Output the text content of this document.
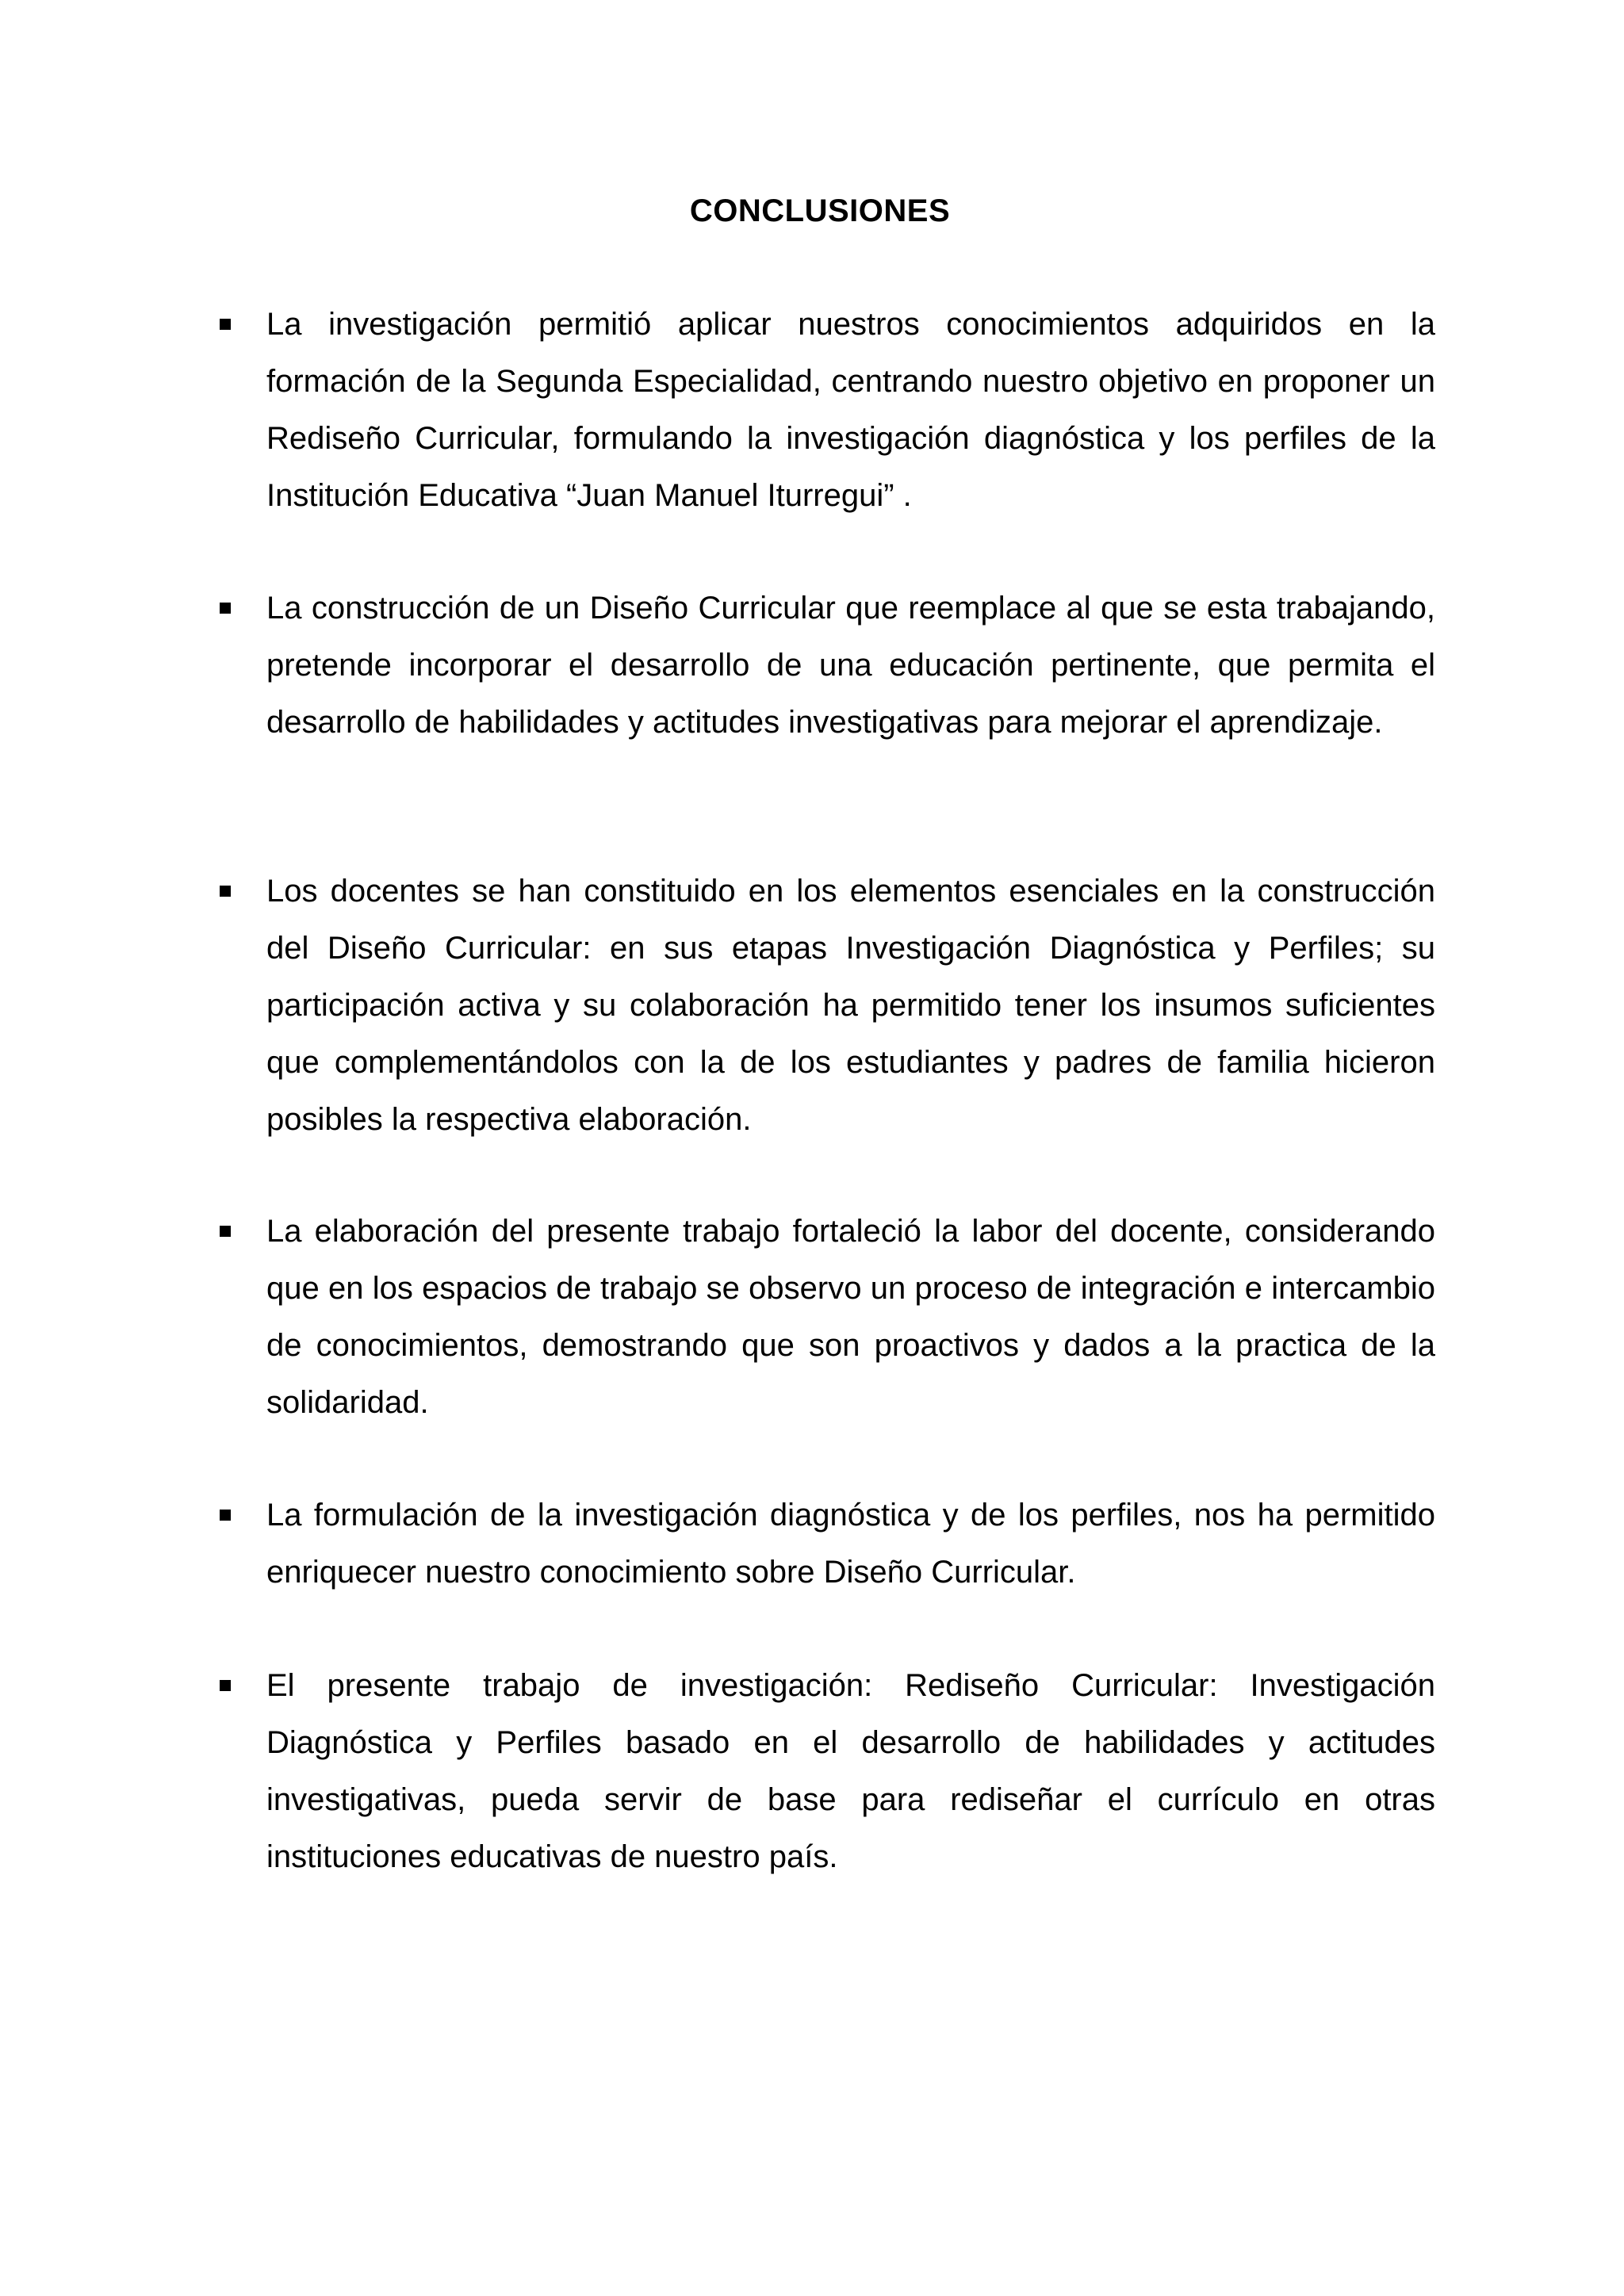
CONCLUSIONES

La investigación permitió aplicar nuestros conocimientos adquiridos en la formación de la Segunda Especialidad, centrando nuestro objetivo en proponer un Rediseño Curricular, formulando la investigación diagnóstica y los perfiles de la Institución Educativa “Juan Manuel Iturregui” .

La construcción de un Diseño Curricular que reemplace al que se esta trabajando, pretende incorporar el desarrollo de una educación pertinente, que permita el desarrollo de habilidades y actitudes investigativas para mejorar el aprendizaje.

Los docentes se han constituido en los elementos esenciales en la construcción del Diseño Curricular: en sus etapas Investigación Diagnóstica y Perfiles; su participación activa y su colaboración ha permitido tener los insumos suficientes que complementándolos con la de los estudiantes y padres de familia hicieron posibles la respectiva elaboración.

La elaboración del presente trabajo fortaleció la labor del docente, considerando que en los espacios de trabajo se observo un proceso de integración e intercambio de conocimientos, demostrando que son proactivos y dados a la practica de la solidaridad.

La formulación de la investigación diagnóstica y de los perfiles, nos ha permitido enriquecer nuestro conocimiento sobre Diseño Curricular.

El presente trabajo de investigación: Rediseño Curricular: Investigación Diagnóstica y Perfiles basado en el desarrollo de habilidades y actitudes investigativas, pueda servir de base para rediseñar el currículo en otras instituciones educativas de nuestro país.
